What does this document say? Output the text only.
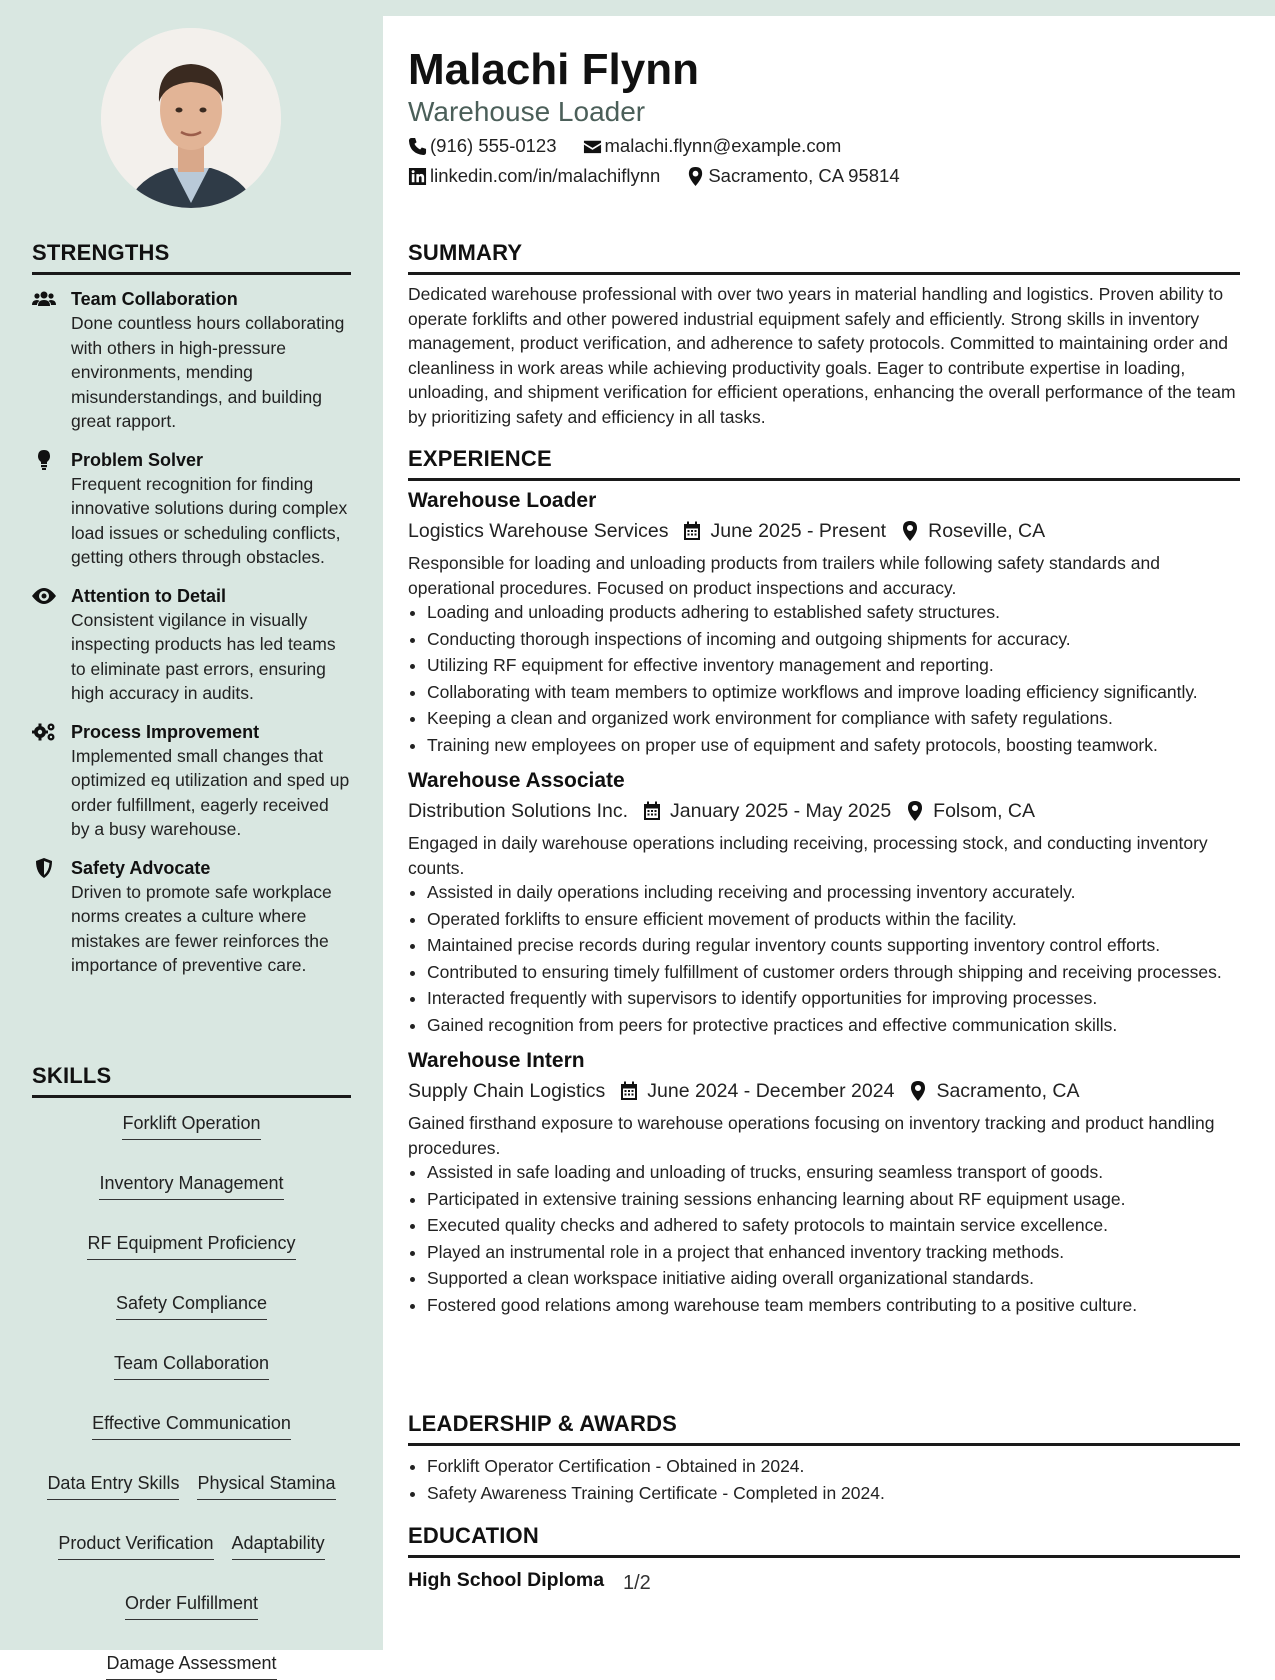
STRENGTHS
Team Collaboration
Done countless hours collaborating with others in high-pressure environments, mending misunderstandings, and building great rapport.
Problem Solver
Frequent recognition for finding innovative solutions during complex load issues or scheduling conflicts, getting others through obstacles.
Attention to Detail
Consistent vigilance in visually inspecting products has led teams to eliminate past errors, ensuring high accuracy in audits.
Process Improvement
Implemented small changes that optimized eq utilization and sped up order fulfillment, eagerly received by a busy warehouse.
Safety Advocate
Driven to promote safe workplace norms creates a culture where mistakes are fewer reinforces the importance of preventive care.
SKILLS
Forklift Operation
Inventory Management
RF Equipment Proficiency
Safety Compliance
Team Collaboration
Effective Communication
Data Entry Skills Physical Stamina
Product Verification Adaptability
Order Fulfillment
Damage Assessment
Malachi Flynn
Warehouse Loader
(916) 555-0123	malachi.flynn@example.com
linkedin.com/in/malachiflynn	Sacramento, CA 95814
SUMMARY

Dedicated warehouse professional with over two years in material handling and logistics. Proven ability to operate forklifts and other powered industrial equipment safely and efficiently. Strong skills in inventory management, product verification, and adherence to safety protocols. Committed to maintaining order and cleanliness in work areas while achieving productivity goals. Eager to contribute expertise in loading, unloading, and shipment verification for efficient operations, enhancing the overall performance of the team by prioritizing safety and efficiency in all tasks.

EXPERIENCE
Warehouse Loader
Logistics Warehouse Services June 2025 - Present Roseville, CA

Responsible for loading and unloading products from trailers while following safety standards and operational procedures. Focused on product inspections and accuracy.

• Loading and unloading products adhering to established safety structures.
• Conducting thorough inspections of incoming and outgoing shipments for accuracy.
• Utilizing RF equipment for effective inventory management and reporting.
• Collaborating with team members to optimize workflows and improve loading efficiency significantly.
• Keeping a clean and organized work environment for compliance with safety regulations.
• Training new employees on proper use of equipment and safety protocols, boosting teamwork.
Warehouse Associate
Distribution Solutions Inc. January 2025 - May 2025 Folsom, CA

Engaged in daily warehouse operations including receiving, processing stock, and conducting inventory counts.

• Assisted in daily operations including receiving and processing inventory accurately.
• Operated forklifts to ensure efficient movement of products within the facility.
• Maintained precise records during regular inventory counts supporting inventory control efforts.
• Contributed to ensuring timely fulfillment of customer orders through shipping and receiving processes.
• Interacted frequently with supervisors to identify opportunities for improving processes.
• Gained recognition from peers for protective practices and effective communication skills.
Warehouse Intern
Supply Chain Logistics June 2024 - December 2024 Sacramento, CA

Gained firsthand exposure to warehouse operations focusing on inventory tracking and product handling procedures.

• Assisted in safe loading and unloading of trucks, ensuring seamless transport of goods.
• Participated in extensive training sessions enhancing learning about RF equipment usage.
• Executed quality checks and adhered to safety protocols to maintain service excellence.
• Played an instrumental role in a project that enhanced inventory tracking methods.
• Supported a clean workspace initiative aiding overall organizational standards.
• Fostered good relations among warehouse team members contributing to a positive culture.
LEADERSHIP & AWARDS
• Forklift Operator Certification - Obtained in 2024.
• Safety Awareness Training Certificate - Completed in 2024.
EDUCATION
High School Diploma 1/2
